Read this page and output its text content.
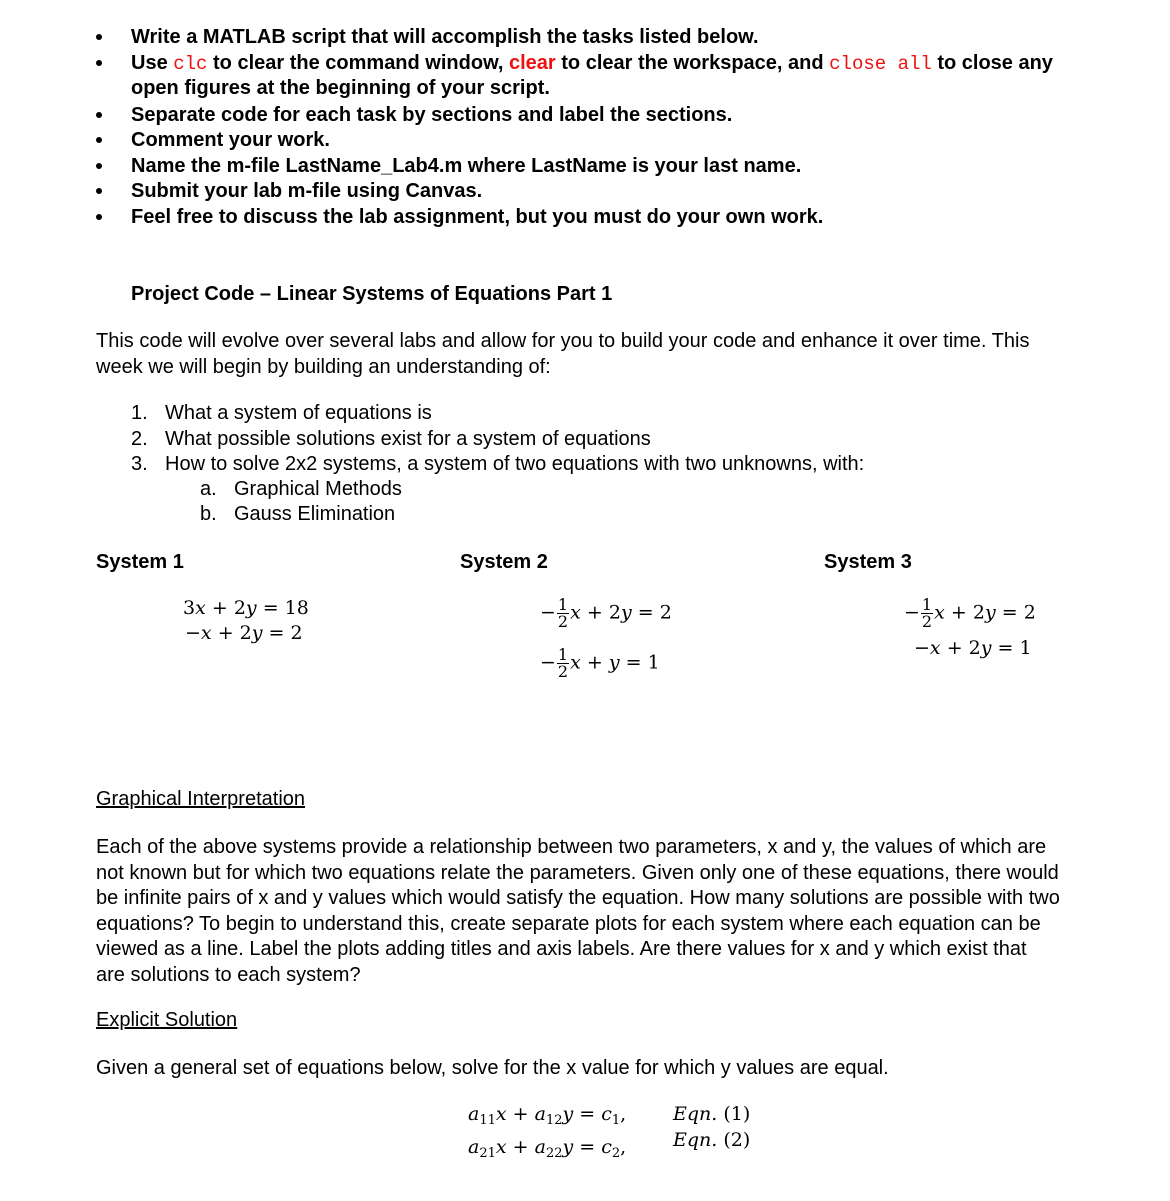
Write a MATLAB script that will accomplish the tasks listed below.
Use clc to clear the command window, clear to clear the workspace, and close all to close any
open figures at the beginning of your script.
Separate code for each task by sections and label the sections.
Comment your work.
Name the m-file LastName_Lab4.m where LastName is your last name.
Submit your lab m-file using Canvas.
Feel free to discuss the lab assignment, but you must do your own work.
Project Code – Linear Systems of Equations Part 1
This code will evolve over several labs and allow for you to build your code and enhance it over time. This
week we will begin by building an understanding of:
1. What a system of equations is
2. What possible solutions exist for a system of equations
3. How to solve 2x2 systems, a system of two equations with two unknowns, with:
a. Graphical Methods
b. Gauss Elimination
System 1	System 2	System 3
3x + 2y = 18
−x + 2y = 2
− $\frac{1}{2}$ x + 2y = 2
− $\frac{1}{2}$ x + y = 1
− $\frac{1}{2}$ x + 2y = 2
−x + 2y = 1
Graphical Interpretation
Each of the above systems provide a relationship between two parameters, x and y, the values of which are
not known but for which two equations relate the parameters. Given only one of these equations, there would
be infinite pairs of x and y values which would satisfy the equation. How many solutions are possible with two
equations? To begin to understand this, create separate plots for each system where each equation can be
viewed as a line. Label the plots adding titles and axis labels. Are there values for x and y which exist that
are solutions to each system?
Explicit Solution
Given a general set of equations below, solve for the x value for which y values are equal.
$a_{11}x + a_{12}y = c_1$,
$a_{21}x + a_{22}y = c_2$,
Eqn. (1)
Eqn. (2)
